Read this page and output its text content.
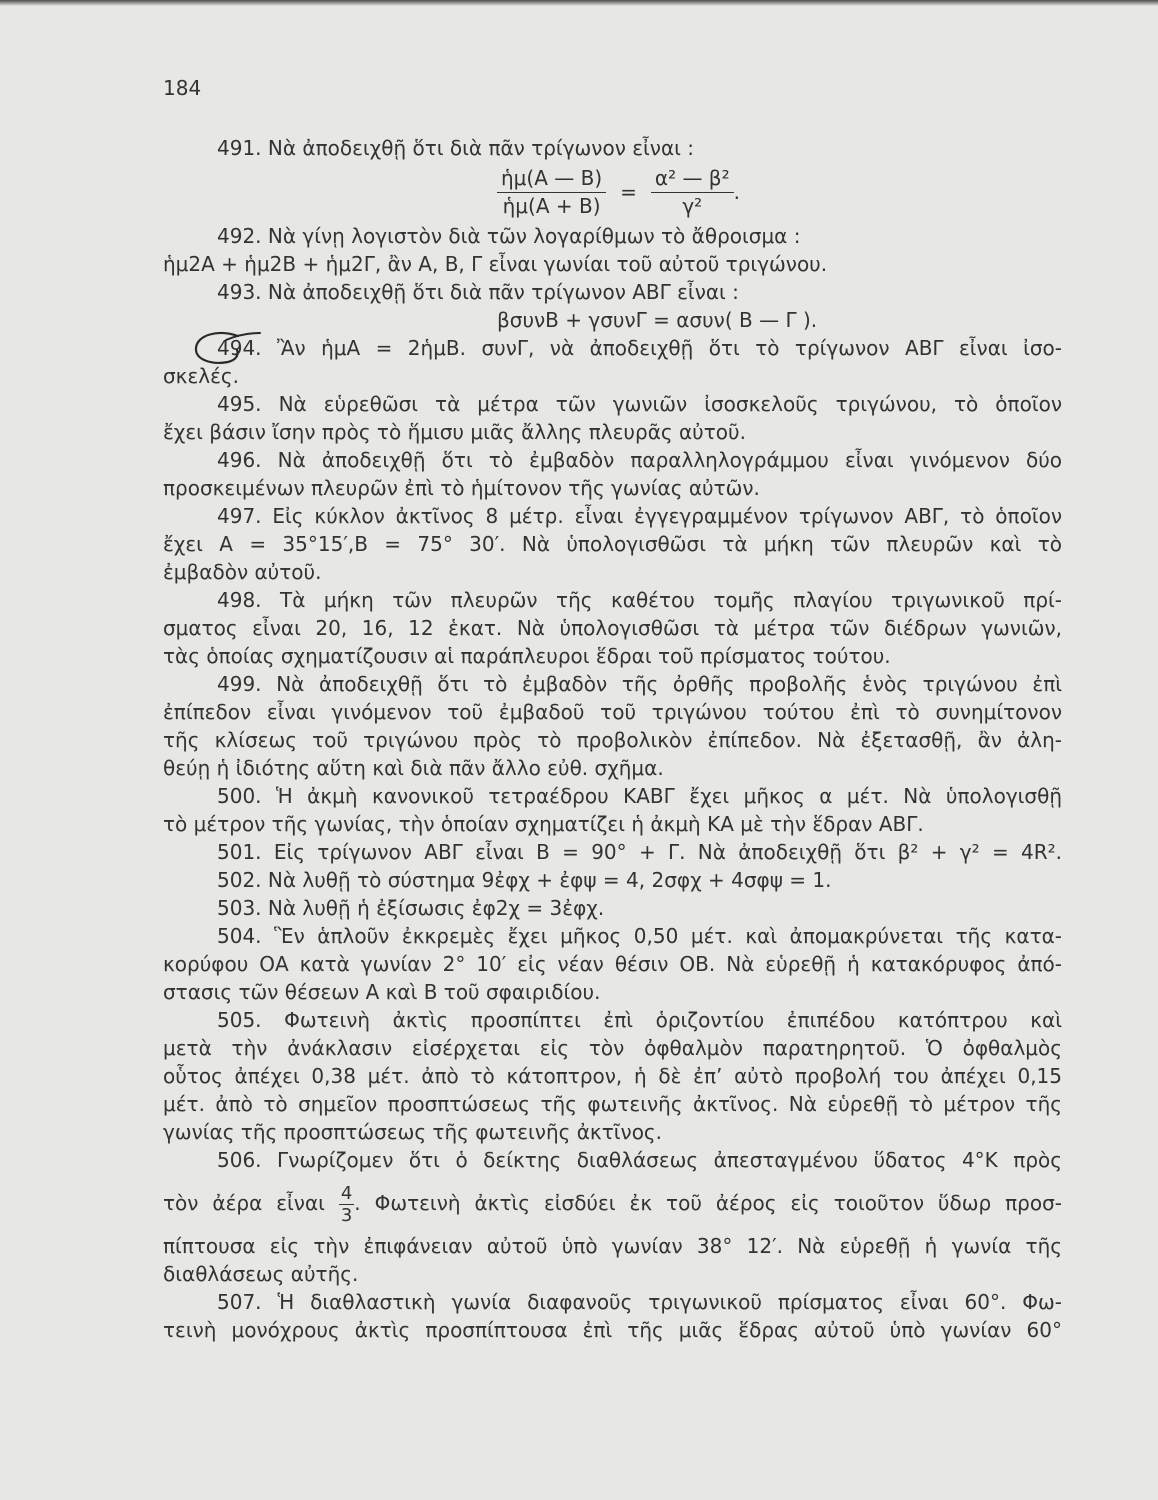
184
491. Νὰ ἀποδειχθῇ ὅτι διὰ πᾶν τρίγωνον εἶναι :
$\frac{\text{ἡμ(Α — Β)}}{\text{ἡμ(Α + Β)}} = \frac{\text{α² — β²}}{\text{γ²}}$ .
492. Νὰ γίνῃ λογιστὸν διὰ τῶν λογαρίθμων τὸ ἄθροισμα :
ἡμ2Α + ἡμ2Β + ἡμ2Γ, ἂν Α, Β, Γ εἶναι γωνίαι τοῦ αὐτοῦ τριγώνου.
493. Νὰ ἀποδειχθῇ ὅτι διὰ πᾶν τρίγωνον ΑΒΓ εἶναι :
βσυνΒ + γσυνΓ = ασυν( Β — Γ ).
494. Ἂν ἡμΑ = 2ἡμΒ. συνΓ, νὰ ἀποδειχθῇ ὅτι τὸ τρίγωνον ΑΒΓ εἶναι ἰσο-
σκελές.
495. Νὰ εὑρεθῶσι τὰ μέτρα τῶν γωνιῶν ἰσοσκελοῦς τριγώνου, τὸ ὁποῖον
ἔχει βάσιν ἴσην πρὸς τὸ ἥμισυ μιᾶς ἄλλης πλευρᾶς αὐτοῦ.
496. Νὰ ἀποδειχθῇ ὅτι τὸ ἐμβαδὸν παραλληλογράμμου εἶναι γινόμενον δύο
προσκειμένων πλευρῶν ἐπὶ τὸ ἡμίτονον τῆς γωνίας αὐτῶν.
497. Εἰς κύκλον ἀκτῖνος 8 μέτρ. εἶναι ἐγγεγραμμένον τρίγωνον ΑΒΓ, τὸ ὁποῖον
ἔχει Α = 35°15′,Β = 75° 30′. Νὰ ὑπολογισθῶσι τὰ μήκη τῶν πλευρῶν καὶ τὸ
ἐμβαδὸν αὐτοῦ.
498. Τὰ μήκη τῶν πλευρῶν τῆς καθέτου τομῆς πλαγίου τριγωνικοῦ πρί-
σματος εἶναι 20, 16, 12 ἑκατ. Νὰ ὑπολογισθῶσι τὰ μέτρα τῶν διέδρων γωνιῶν,
τὰς ὁποίας σχηματίζουσιν αἱ παράπλευροι ἕδραι τοῦ πρίσματος τούτου.
499. Νὰ ἀποδειχθῇ ὅτι τὸ ἐμβαδὸν τῆς ὀρθῆς προβολῆς ἑνὸς τριγώνου ἐπὶ
ἐπίπεδον εἶναι γινόμενον τοῦ ἐμβαδοῦ τοῦ τριγώνου τούτου ἐπὶ τὸ συνημίτονον
τῆς κλίσεως τοῦ τριγώνου πρὸς τὸ προβολικὸν ἐπίπεδον. Νὰ ἐξετασθῇ, ἂν ἀλη-
θεύῃ ἡ ἰδιότης αὕτη καὶ διὰ πᾶν ἄλλο εὐθ. σχῆμα.
500. Ἡ ἀκμὴ κανονικοῦ τετραέδρου ΚΑΒΓ ἔχει μῆκος α μέτ. Νὰ ὑπολογισθῇ
τὸ μέτρον τῆς γωνίας, τὴν ὁποίαν σχηματίζει ἡ ἀκμὴ ΚΑ μὲ τὴν ἕδραν ΑΒΓ.
501. Εἰς τρίγωνον ΑΒΓ εἶναι Β = 90° + Γ. Νὰ ἀποδειχθῇ ὅτι β² + γ² = 4R².
502. Νὰ λυθῇ τὸ σύστημα 9ἐφχ + ἐφψ = 4, 2σφχ + 4σφψ = 1.
503. Νὰ λυθῇ ἡ ἐξίσωσις ἐφ2χ = 3ἐφχ.
504. Ἓν ἁπλοῦν ἐκκρεμὲς ἔχει μῆκος 0,50 μέτ. καὶ ἀπομακρύνεται τῆς κατα-
κορύφου ΟΑ κατὰ γωνίαν 2° 10′ εἰς νέαν θέσιν ΟΒ. Νὰ εὑρεθῇ ἡ κατακόρυφος ἀπό-
στασις τῶν θέσεων Α καὶ Β τοῦ σφαιριδίου.
505. Φωτεινὴ ἀκτὶς προσπίπτει ἐπὶ ὁριζοντίου ἐπιπέδου κατόπτρου καὶ
μετὰ τὴν ἀνάκλασιν εἰσέρχεται εἰς τὸν ὀφθαλμὸν παρατηρητοῦ. Ὁ ὀφθαλμὸς
οὗτος ἀπέχει 0,38 μέτ. ἀπὸ τὸ κάτοπτρον, ἡ δὲ ἐπ’ αὐτὸ προβολή του ἀπέχει 0,15
μέτ. ἀπὸ τὸ σημεῖον προσπτώσεως τῆς φωτεινῆς ἀκτῖνος. Νὰ εὑρεθῇ τὸ μέτρον τῆς
γωνίας τῆς προσπτώσεως τῆς φωτεινῆς ἀκτῖνος.
506. Γνωρίζομεν ὅτι ὁ δείκτης διαθλάσεως ἀπεσταγμένου ὕδατος 4°Κ πρὸς
τὸν ἀέρα εἶναι $\frac{4}{3}$ . Φωτεινὴ ἀκτὶς εἰσδύει ἐκ τοῦ ἀέρος εἰς τοιοῦτον ὕδωρ προσ-
πίπτουσα εἰς τὴν ἐπιφάνειαν αὐτοῦ ὑπὸ γωνίαν 38° 12′. Νὰ εὑρεθῇ ἡ γωνία τῆς
διαθλάσεως αὐτῆς.
507. Ἡ διαθλαστικὴ γωνία διαφανοῦς τριγωνικοῦ πρίσματος εἶναι 60°. Φω-
τεινὴ μονόχρους ἀκτὶς προσπίπτουσα ἐπὶ τῆς μιᾶς ἕδρας αὐτοῦ ὑπὸ γωνίαν 60°
